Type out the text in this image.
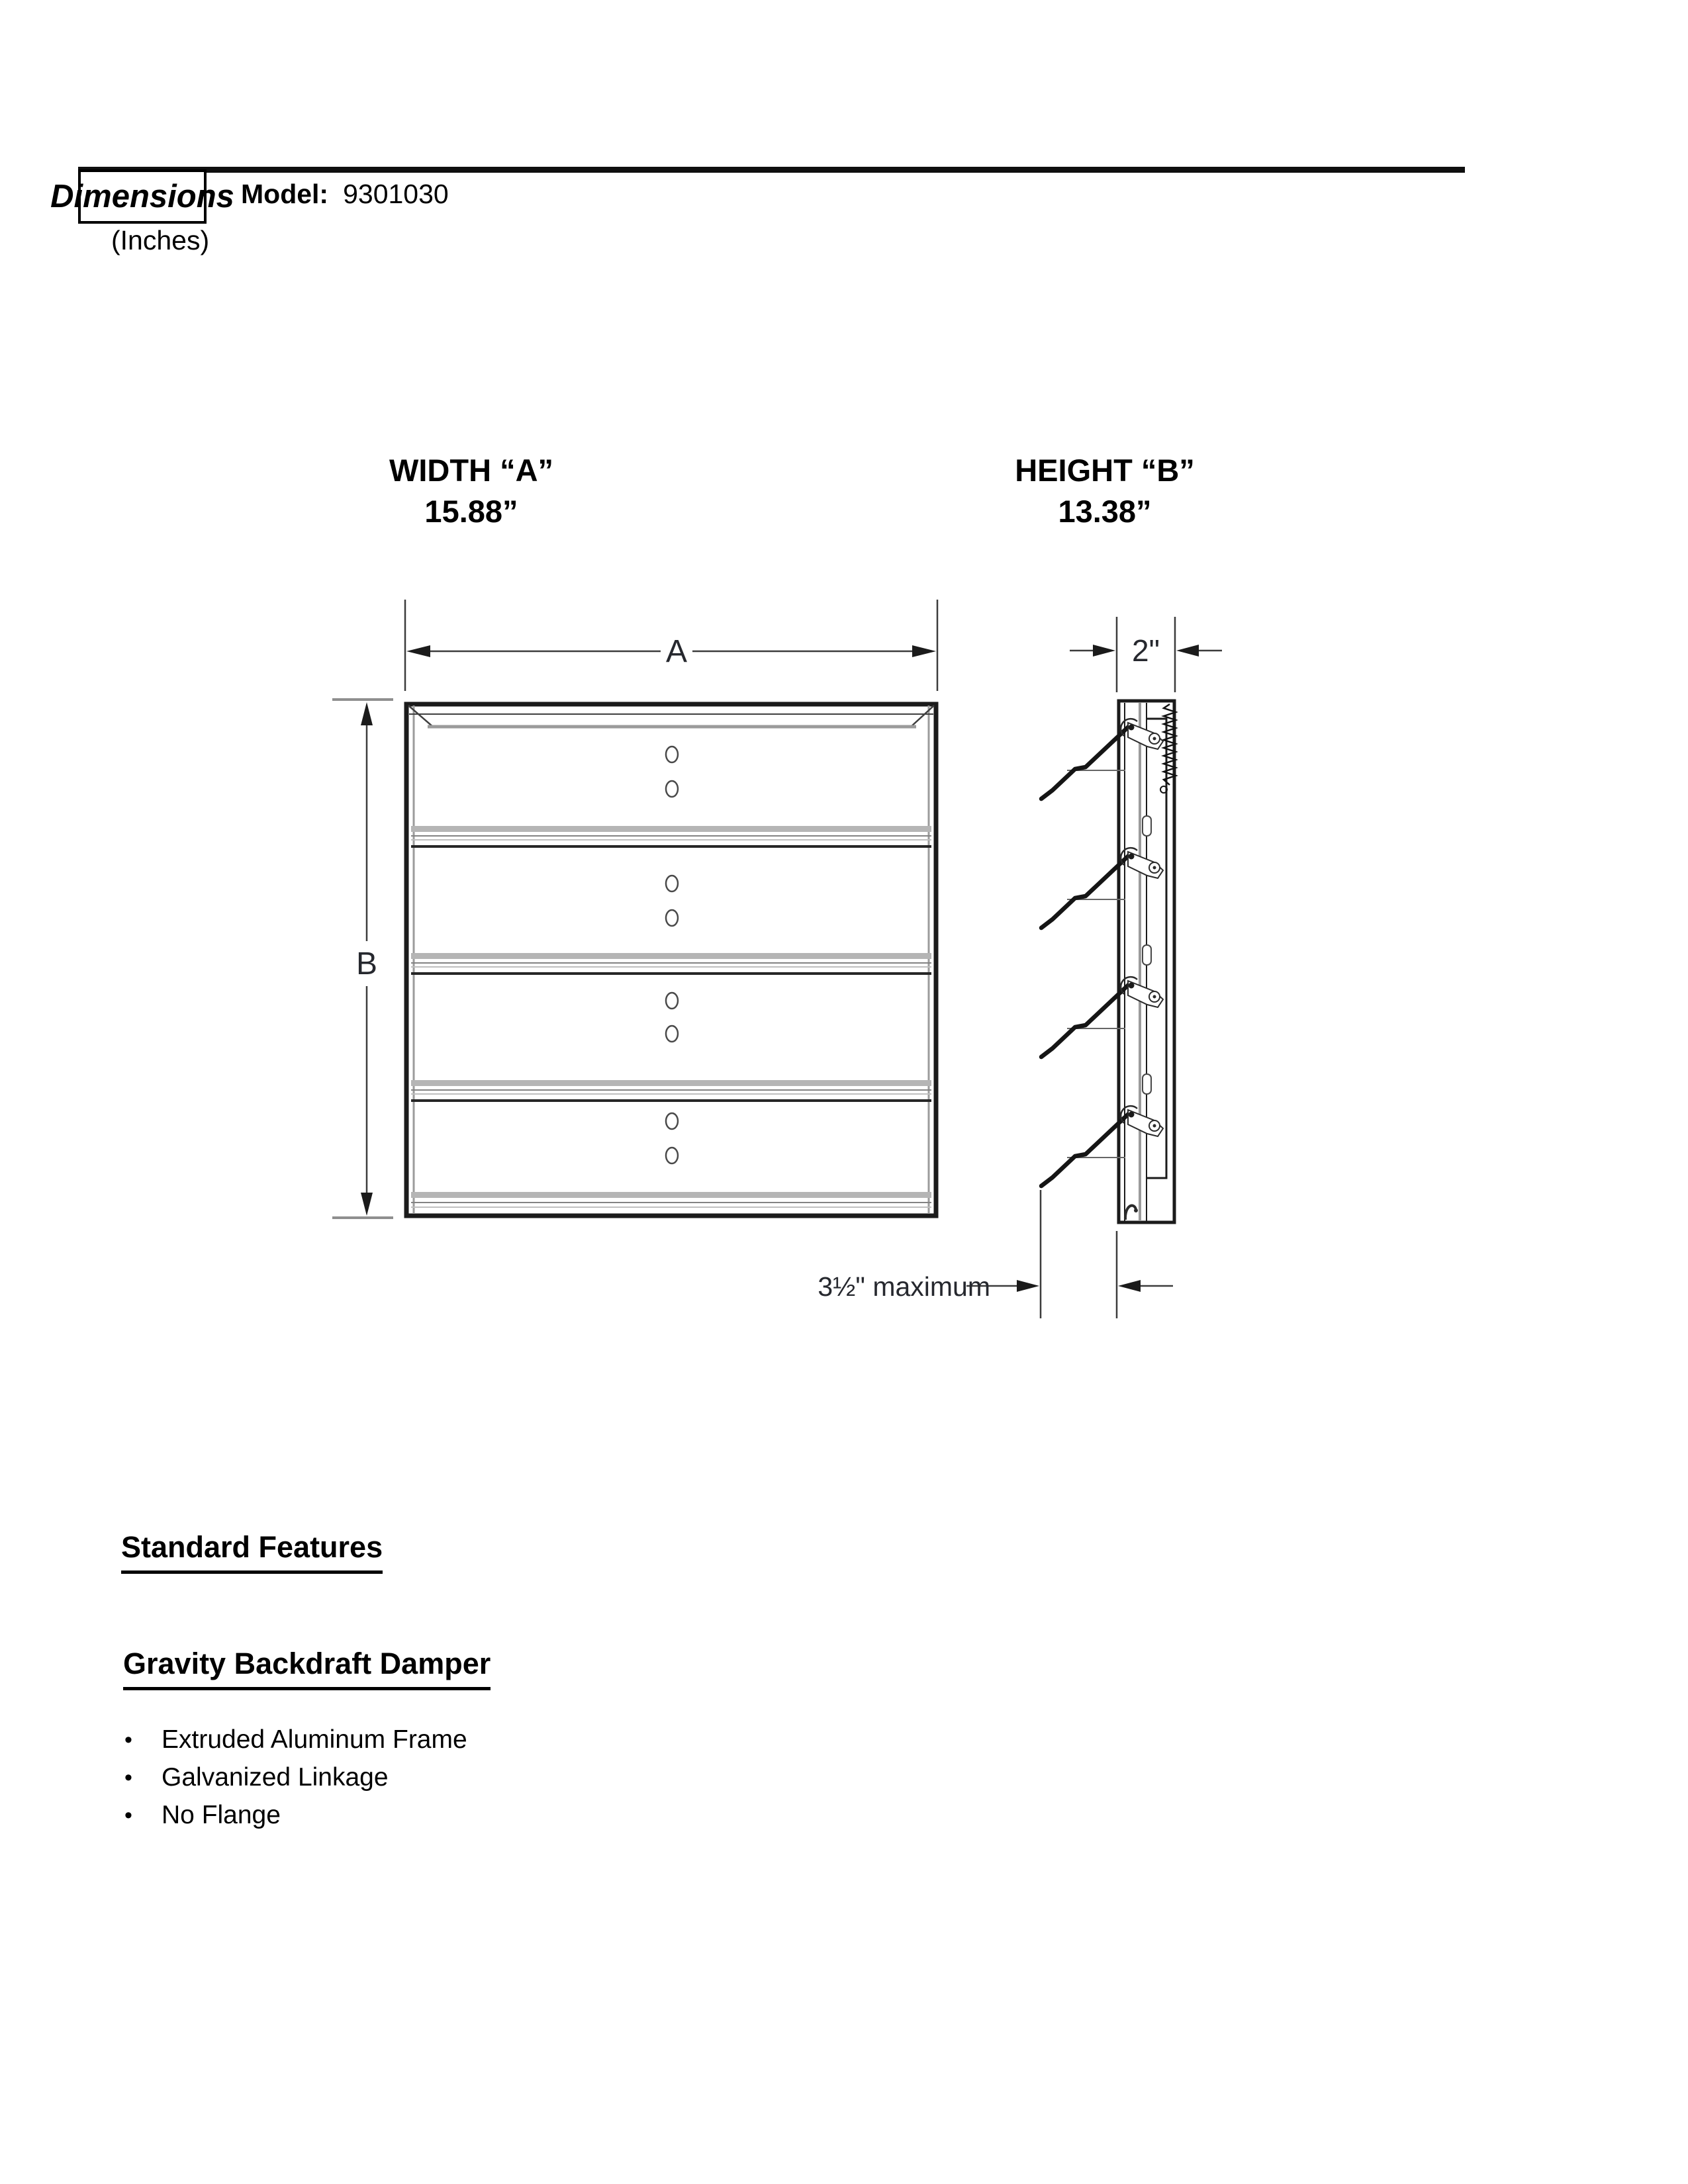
Dimensions Model: 9301030
(Inches)
WIDTH “A”
15.88”
HEIGHT “B”
13.38”
A
B
2"
3½" maximum
Standard Features
Gravity Backdraft Damper
•	Extruded Aluminum Frame
•	Galvanized Linkage
•	No Flange
